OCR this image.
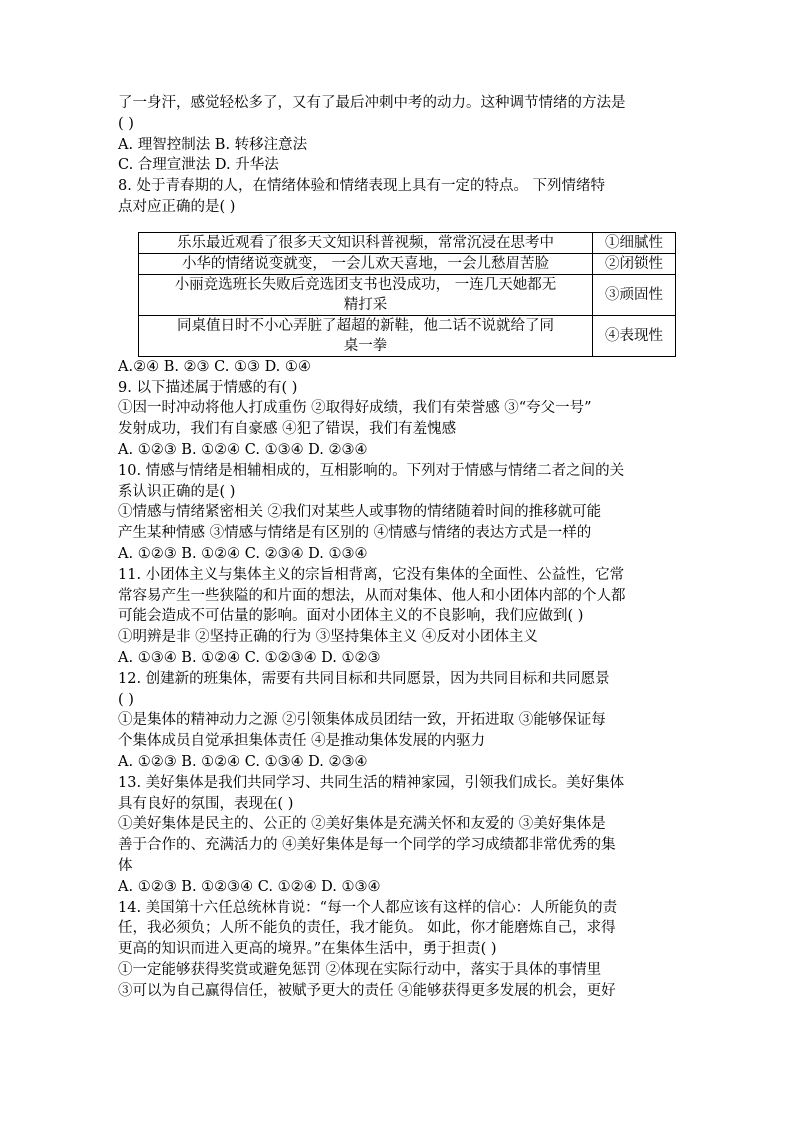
了一身汗，感觉轻松多了，又有了最后冲刺中考的动力。这种调节情绪的方法是
( )
A. 理智控制法 B. 转移注意法
C. 合理宣泄法 D. 升华法
8. 处于青春期的人，在情绪体验和情绪表现上具有一定的特点。 下列情绪特
点对应正确的是( )
乐乐最近观看了很多天文知识科普视频，常常沉浸在思考中	①细腻性
小华的情绪说变就变， 一会儿欢天喜地，一会儿愁眉苦脸	②闭锁性
小丽竞选班长失败后竞选团支书也没成功， 一连几天她都无
精打采	③顽固性
同桌值日时不小心弄脏了超超的新鞋，他二话不说就给了同
桌一拳	④表现性
A.②④ B. ②③ C. ①③ D. ①④
9. 以下描述属于情感的有( )
①因一时冲动将他人打成重伤 ②取得好成绩，我们有荣誉感 ③“夸父一号”
发射成功，我们有自豪感 ④犯了错误，我们有羞愧感
A. ①②③ B. ①②④ C. ①③④ D. ②③④
10. 情感与情绪是相辅相成的，互相影响的。下列对于情感与情绪二者之间的关
系认识正确的是( )
①情感与情绪紧密相关 ②我们对某些人或事物的情绪随着时间的推移就可能
产生某种情感 ③情感与情绪是有区别的 ④情感与情绪的表达方式是一样的
A. ①②③ B. ①②④ C. ②③④ D. ①③④
11. 小团体主义与集体主义的宗旨相背离，它没有集体的全面性、公益性，它常
常容易产生一些狭隘的和片面的想法，从而对集体、他人和小团体内部的个人都
可能会造成不可估量的影响。面对小团体主义的不良影响，我们应做到( )
①明辨是非 ②坚持正确的行为 ③坚持集体主义 ④反对小团体主义
A. ①③④ B. ①②④ C. ①②③④ D. ①②③
12. 创建新的班集体，需要有共同目标和共同愿景，因为共同目标和共同愿景
( )
①是集体的精神动力之源 ②引领集体成员团结一致，开拓进取 ③能够保证每
个集体成员自觉承担集体责任 ④是推动集体发展的内驱力
A. ①②③ B. ①②④ C. ①③④ D. ②③④
13. 美好集体是我们共同学习、共同生活的精神家园，引领我们成长。美好集体
具有良好的氛围，表现在( )
①美好集体是民主的、公正的 ②美好集体是充满关怀和友爱的 ③美好集体是
善于合作的、充满活力的 ④美好集体是每一个同学的学习成绩都非常优秀的集
体
A. ①②③ B. ①②③④ C. ①②④ D. ①③④
14. 美国第十六任总统林肯说：“每一个人都应该有这样的信心：人所能负的责
任，我必须负；人所不能负的责任，我才能负。 如此，你才能磨炼自己，求得
更高的知识而进入更高的境界。”在集体生活中，勇于担责( )
①一定能够获得奖赏或避免惩罚 ②体现在实际行动中，落实于具体的事情里
③可以为自己赢得信任，被赋予更大的责任 ④能够获得更多发展的机会，更好
